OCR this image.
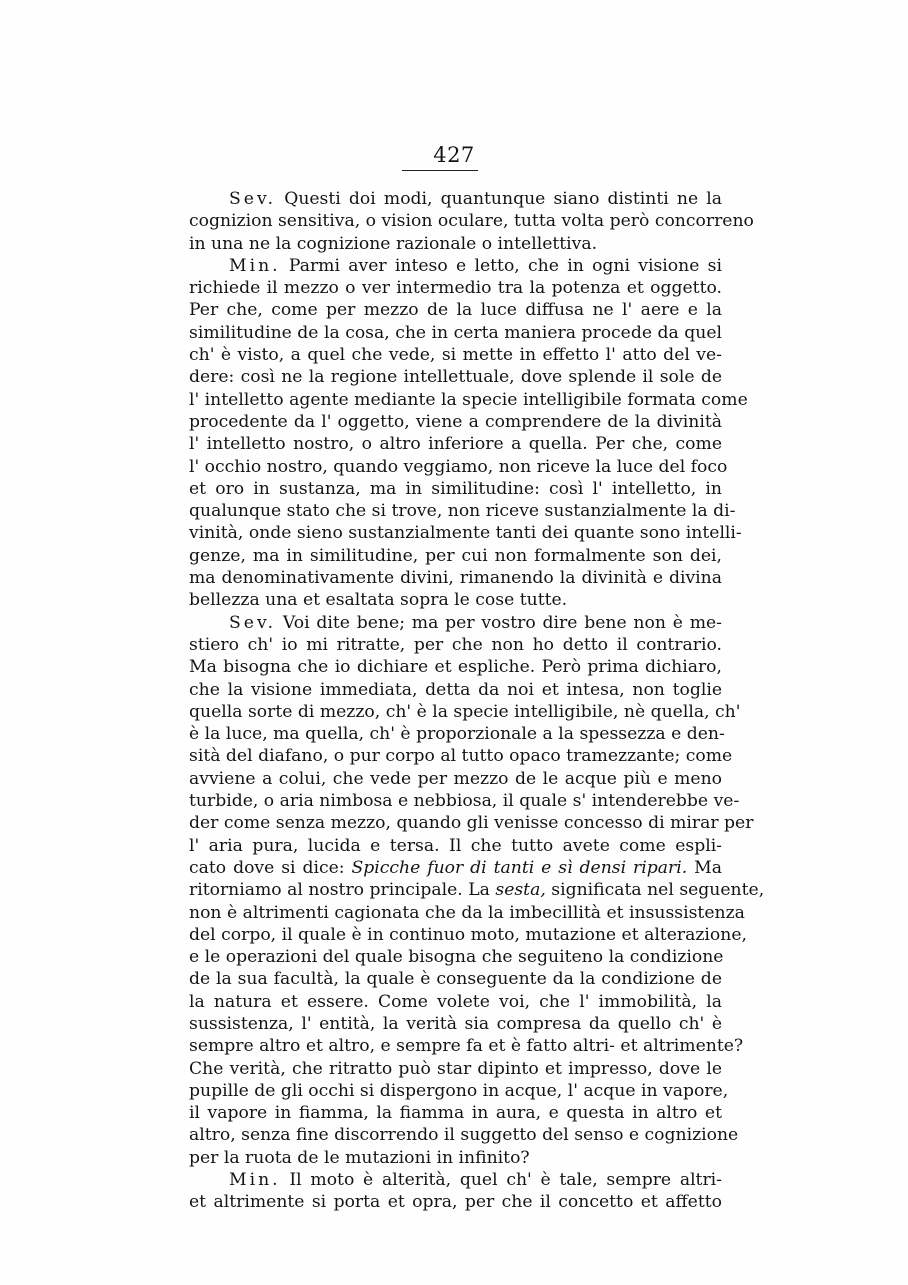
427
Sev. Questi doi modi, quantunque siano distinti ne la
cognizion sensitiva, o vision oculare, tutta volta però concorreno
in una ne la cognizione razionale o intellettiva.
Min. Parmi aver inteso e letto, che in ogni visione si
richiede il mezzo o ver intermedio tra la potenza et oggetto.
Per che, come per mezzo de la luce diffusa ne l' aere e la
similitudine de la cosa, che in certa maniera procede da quel
ch' è visto, a quel che vede, si mette in effetto l' atto del ve-
dere: così ne la regione intellettuale, dove splende il sole de
l' intelletto agente mediante la specie intelligibile formata come
procedente da l' oggetto, viene a comprendere de la divinità
l' intelletto nostro, o altro inferiore a quella. Per che, come
l' occhio nostro, quando veggiamo, non riceve la luce del foco
et oro in sustanza, ma in similitudine: così l' intelletto, in
qualunque stato che si trove, non riceve sustanzialmente la di-
vinità, onde sieno sustanzialmente tanti dei quante sono intelli-
genze, ma in similitudine, per cui non formalmente son dei,
ma denominativamente divini, rimanendo la divinità e divina
bellezza una et esaltata sopra le cose tutte.
Sev. Voi dite bene; ma per vostro dire bene non è me-
stiero ch' io mi ritratte, per che non ho detto il contrario.
Ma bisogna che io dichiare et espliche. Però prima dichiaro,
che la visione immediata, detta da noi et intesa, non toglie
quella sorte di mezzo, ch' è la specie intelligibile, nè quella, ch'
è la luce, ma quella, ch' è proporzionale a la spessezza e den-
sità del diafano, o pur corpo al tutto opaco tramezzante; come
avviene a colui, che vede per mezzo de le acque più e meno
turbide, o aria nimbosa e nebbiosa, il quale s' intenderebbe ve-
der come senza mezzo, quando gli venisse concesso di mirar per
l' aria pura, lucida e tersa. Il che tutto avete come espli-
cato dove si dice: Spicche fuor di tanti e sì densi ripari. Ma
ritorniamo al nostro principale. La sesta, significata nel seguente,
non è altrimenti cagionata che da la imbecillità et insussistenza
del corpo, il quale è in continuo moto, mutazione et alterazione,
e le operazioni del quale bisogna che seguiteno la condizione
de la sua facultà, la quale è conseguente da la condizione de
la natura et essere. Come volete voi, che l' immobilità, la
sussistenza, l' entità, la verità sia compresa da quello ch' è
sempre altro et altro, e sempre fa et è fatto altri- et altrimente?
Che verità, che ritratto può star dipinto et impresso, dove le
pupille de gli occhi si dispergono in acque, l' acque in vapore,
il vapore in fiamma, la fiamma in aura, e questa in altro et
altro, senza fine discorrendo il suggetto del senso e cognizione
per la ruota de le mutazioni in infinito?
Min. Il moto è alterità, quel ch' è tale, sempre altri-
et altrimente si porta et opra, per che il concetto et affetto
